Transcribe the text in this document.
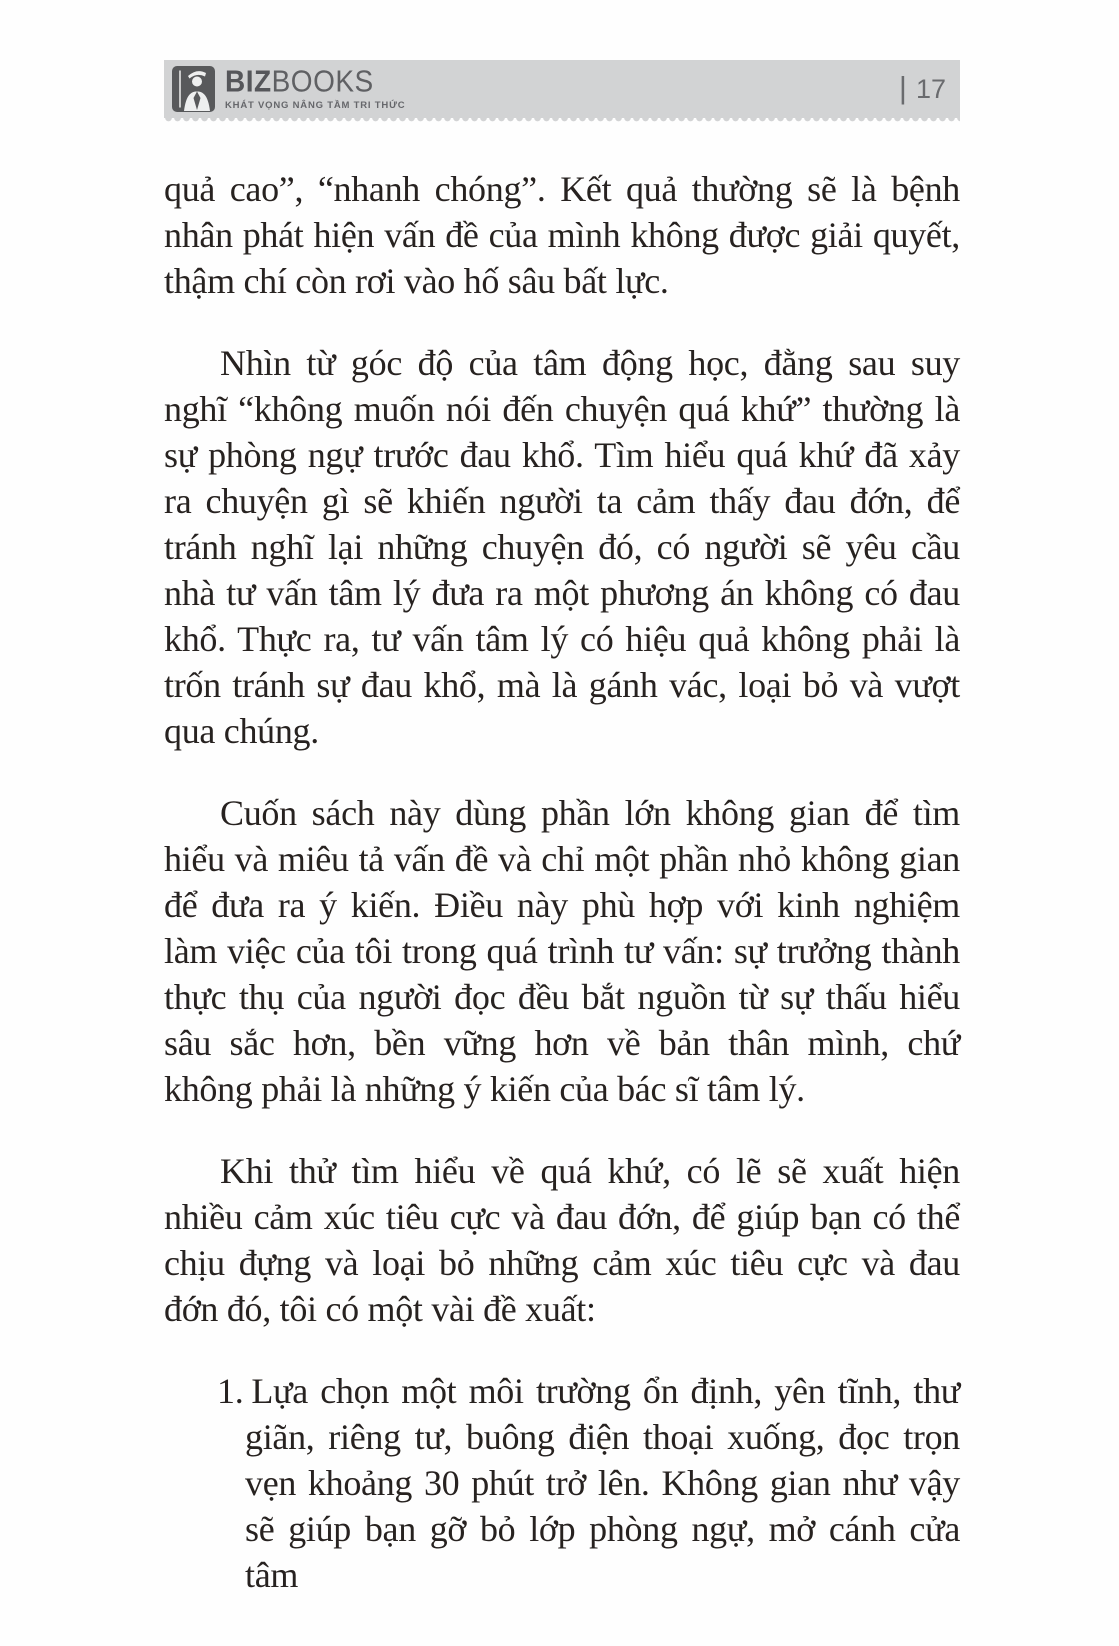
BIZBOOKS
KHÁT VỌNG NÂNG TẦM TRI THỨC
| 17

quả cao”, “nhanh chóng”. Kết quả thường sẽ là bệnh nhân phát hiện vấn đề của mình không được giải quyết, thậm chí còn rơi vào hố sâu bất lực.

Nhìn từ góc độ của tâm động học, đằng sau suy nghĩ “không muốn nói đến chuyện quá khứ” thường là sự phòng ngự trước đau khổ. Tìm hiểu quá khứ đã xảy ra chuyện gì sẽ khiến người ta cảm thấy đau đớn, để tránh nghĩ lại những chuyện đó, có người sẽ yêu cầu nhà tư vấn tâm lý đưa ra một phương án không có đau khổ. Thực ra, tư vấn tâm lý có hiệu quả không phải là trốn tránh sự đau khổ, mà là gánh vác, loại bỏ và vượt qua chúng.

Cuốn sách này dùng phần lớn không gian để tìm hiểu và miêu tả vấn đề và chỉ một phần nhỏ không gian để đưa ra ý kiến. Điều này phù hợp với kinh nghiệm làm việc của tôi trong quá trình tư vấn: sự trưởng thành thực thụ của người đọc đều bắt nguồn từ sự thấu hiểu sâu sắc hơn, bền vững hơn về bản thân mình, chứ không phải là những ý kiến của bác sĩ tâm lý.

Khi thử tìm hiểu về quá khứ, có lẽ sẽ xuất hiện nhiều cảm xúc tiêu cực và đau đớn, để giúp bạn có thể chịu đựng và loại bỏ những cảm xúc tiêu cực và đau đớn đó, tôi có một vài đề xuất:

1. Lựa chọn một môi trường ổn định, yên tĩnh, thư giãn, riêng tư, buông điện thoại xuống, đọc trọn vẹn khoảng 30 phút trở lên. Không gian như vậy sẽ giúp bạn gỡ bỏ lớp phòng ngự, mở cánh cửa tâm
